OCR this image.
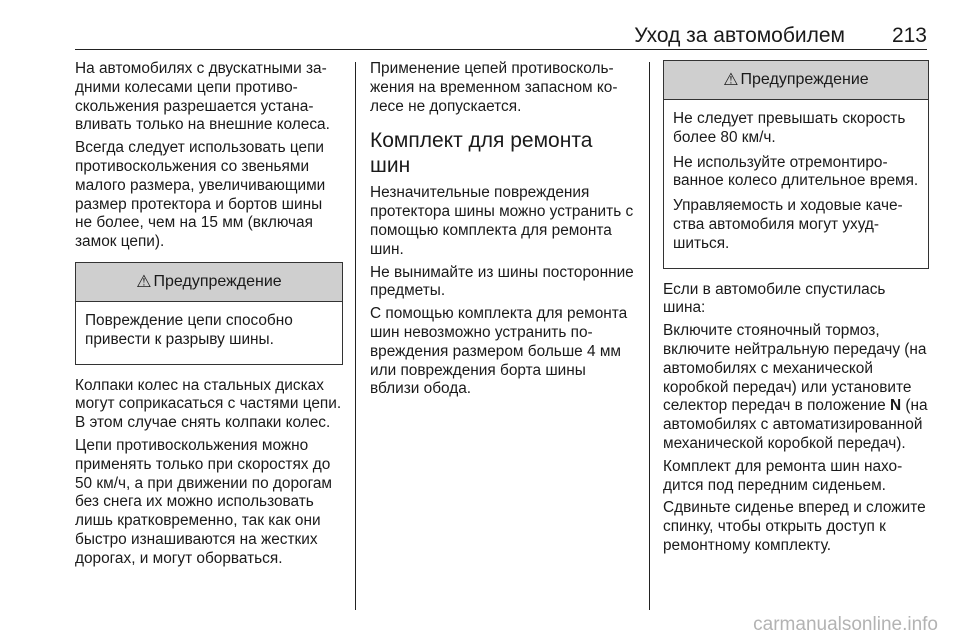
Уход за автомобилем 213

На автомобилях с двускатными задними колесами цепи противоскольжения разрешается устанавливать только на внешние колеса.

Всегда следует использовать цепи противоскольжения со звеньями малого размера, увеличивающими размер протектора и бортов шины не более, чем на 15 мм (включая замок цепи).

⚠ Предупреждение

Повреждение цепи способно привести к разрыву шины.

Колпаки колес на стальных дисках могут соприкасаться с частями цепи. В этом случае снять колпаки колес.

Цепи противоскольжения можно применять только при скоростях до 50 км/ч, а при движении по дорогам без снега их можно использовать лишь кратковременно, так как они быстро изнашиваются на жестких дорогах, и могут оборваться.

Применение цепей противоскольжения на временном запасном колесе не допускается.

Комплект для ремонта шин

Незначительные повреждения протектора шины можно устранить с помощью комплекта для ремонта шин.

Не вынимайте из шины посторонние предметы.

С помощью комплекта для ремонта шин невозможно устранить повреждения размером больше 4 мм или повреждения борта шины вблизи обода.

⚠ Предупреждение

Не следует превышать скорость более 80 км/ч.

Не используйте отремонтированное колесо длительное время.

Управляемость и ходовые качества автомобиля могут ухудшиться.

Если в автомобиле спустилась шина:

Включите стояночный тормоз, включите нейтральную передачу (на автомобилях с механической коробкой передач) или установите селектор передач в положение N (на автомобилях с автоматизированной механической коробкой передач).

Комплект для ремонта шин находится под передним сиденьем.

Сдвиньте сиденье вперед и сложите спинку, чтобы открыть доступ к ремонтному комплекту.

carmanualsonline.info
